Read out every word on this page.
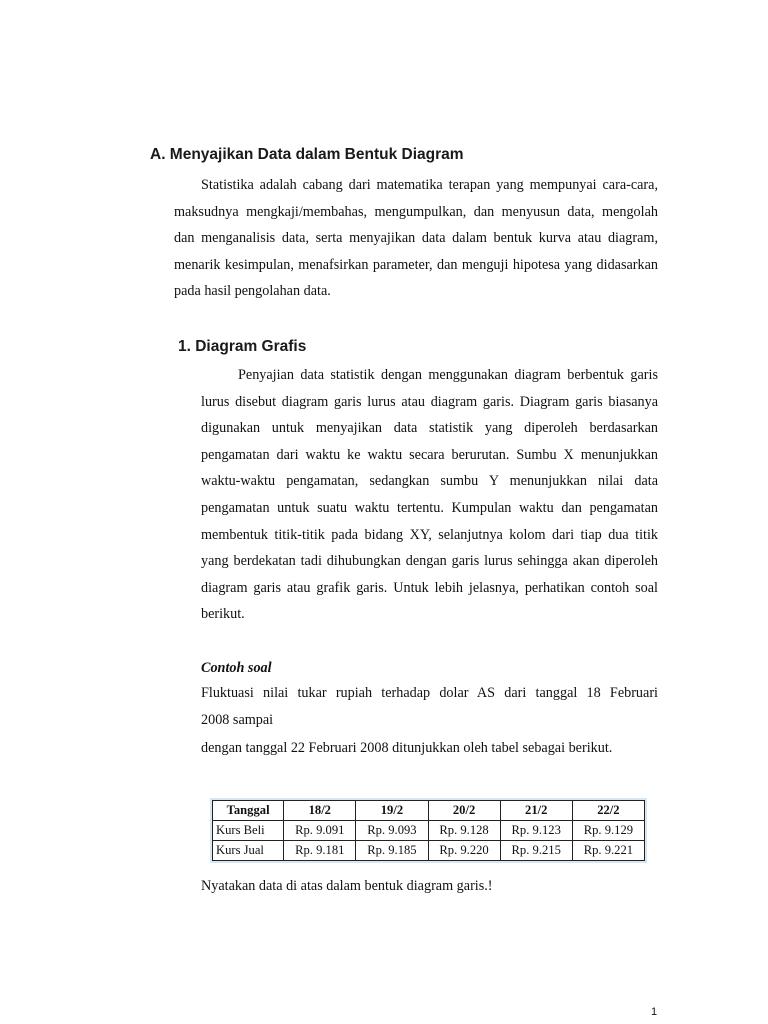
A. Menyajikan Data dalam Bentuk Diagram

Statistika adalah cabang dari matematika terapan yang mempunyai cara-cara, maksudnya mengkaji/membahas, mengumpulkan, dan menyusun data, mengolah dan menganalisis data, serta menyajikan data dalam bentuk kurva atau diagram, menarik kesimpulan, menafsirkan parameter, dan menguji hipotesa yang didasarkan pada hasil pengolahan data.

1. Diagram Grafis

Penyajian data statistik dengan menggunakan diagram berbentuk garis lurus disebut diagram garis lurus atau diagram garis. Diagram garis biasanya digunakan untuk menyajikan data statistik yang diperoleh berdasarkan pengamatan dari waktu ke waktu secara berurutan. Sumbu X menunjukkan waktu-waktu pengamatan, sedangkan sumbu Y menunjukkan nilai data pengamatan untuk suatu waktu tertentu. Kumpulan waktu dan pengamatan membentuk titik-titik pada bidang XY, selanjutnya kolom dari tiap dua titik yang berdekatan tadi dihubungkan dengan garis lurus sehingga akan diperoleh diagram garis atau grafik garis. Untuk lebih jelasnya, perhatikan contoh soal berikut.

Contoh soal
Fluktuasi nilai tukar rupiah terhadap dolar AS dari tanggal 18 Februari
2008 sampai
dengan tanggal 22 Februari 2008 ditunjukkan oleh tabel sebagai berikut.
Tanggal	18/2	19/2	20/2	21/2	22/2
Kurs Beli	Rp. 9.091	Rp. 9.093	Rp. 9.128	Rp. 9.123	Rp. 9.129
Kurs Jual	Rp. 9.181	Rp. 9.185	Rp. 9.220	Rp. 9.215	Rp. 9.221
Nyatakan data di atas dalam bentuk diagram garis.!
1
